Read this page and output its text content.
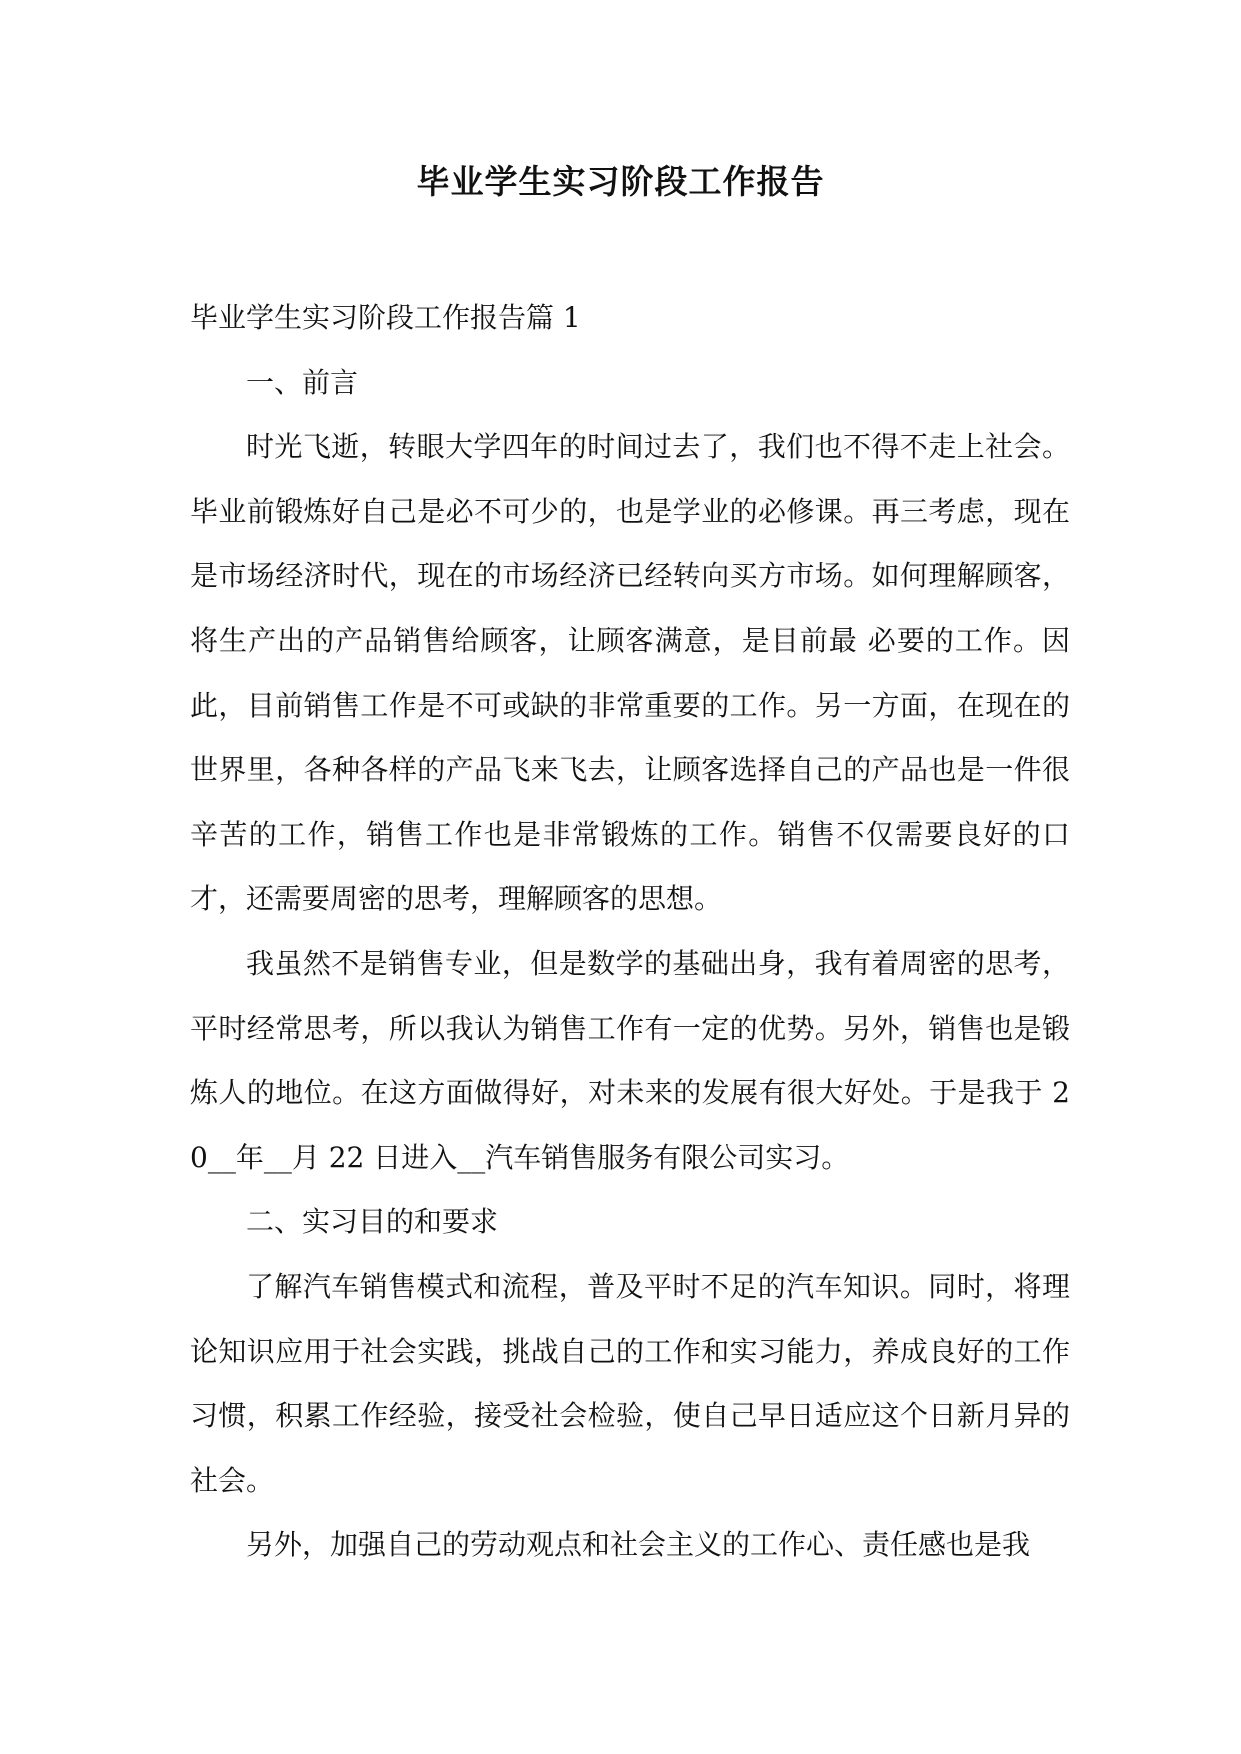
毕业学生实习阶段工作报告

毕业学生实习阶段工作报告篇 1

一、前言

时光飞逝，转眼大学四年的时间过去了，我们也不得不走上社会。毕业前锻炼好自己是必不可少的，也是学业的必修课。再三考虑，现在是市场经济时代，现在的市场经济已经转向买方市场。如何理解顾客，将生产出的产品销售给顾客，让顾客满意，是目前最 必要的工作。因此，目前销售工作是不可或缺的非常重要的工作。另一方面，在现在的世界里，各种各样的产品飞来飞去，让顾客选择自己的产品也是一件很辛苦的工作，销售工作也是非常锻炼的工作。销售不仅需要良好的口才，还需要周密的思考，理解顾客的思想。

我虽然不是销售专业，但是数学的基础出身，我有着周密的思考，平时经常思考，所以我认为销售工作有一定的优势。另外，销售也是锻炼人的地位。在这方面做得好，对未来的发展有很大好处。于是我于 20__年__月 22 日进入__汽车销售服务有限公司实习。

二、实习目的和要求

了解汽车销售模式和流程，普及平时不足的汽车知识。同时，将理论知识应用于社会实践，挑战自己的工作和实习能力，养成良好的工作习惯，积累工作经验，接受社会检验，使自己早日适应这个日新月异的社会。

另外，加强自己的劳动观点和社会主义的工作心、责任感也是我
